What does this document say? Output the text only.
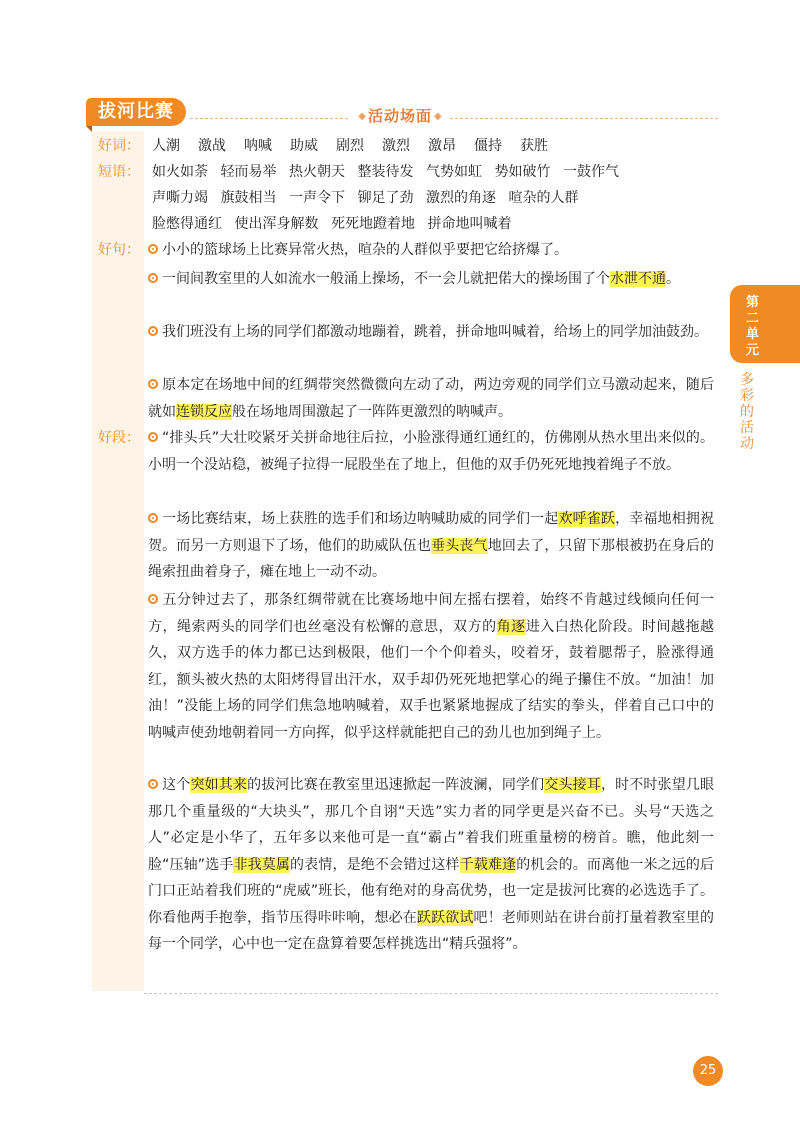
拔河比赛	◆ 活动场面 ◆
好词： 人潮 激战 呐喊 助威 剧烈 激烈 激昂 僵持 获胜
短语： 如火如荼 轻而易举 热火朝天 整装待发 气势如虹 势如破竹 一鼓作气
声嘶力竭 旗鼓相当 一声令下 铆足了劲 激烈的角逐 喧杂的人群
脸憋得通红 使出浑身解数 死死地蹬着地 拼命地叫喊着
好句：	小小的篮球场上比赛异常火热，喧杂的人群似乎要把它给挤爆了。
一间间教室里的人如流水一般涌上操场，不一会儿就把偌大的操场围了个水泄不通。
我们班没有上场的同学们都激动地蹦着，跳着，拼命地叫喊着，给场上的同学加油鼓劲。
原本定在场地中间的红绸带突然微微向左动了动，两边旁观的同学们立马激动起来，随后就如连锁反应般在场地周围激起了一阵阵更激烈的呐喊声。
好段：	“排头兵”大壮咬紧牙关拼命地往后拉，小脸涨得通红通红的，仿佛刚从热水里出来似的。小明一个没站稳，被绳子拉得一屁股坐在了地上，但他的双手仍死死地拽着绳子不放。
一场比赛结束，场上获胜的选手们和场边呐喊助威的同学们一起欢呼雀跃，幸福地相拥祝贺。而另一方则退下了场，他们的助威队伍也垂头丧气地回去了，只留下那根被扔在身后的绳索扭曲着身子，瘫在地上一动不动。
五分钟过去了，那条红绸带就在比赛场地中间左摇右摆着，始终不肯越过线倾向任何一方，绳索两头的同学们也丝毫没有松懈的意思，双方的角逐进入白热化阶段。时间越拖越久，双方选手的体力都已达到极限，他们一个个仰着头，咬着牙，鼓着腮帮子，脸涨得通红，额头被火热的太阳烤得冒出汗水，双手却仍死死地把掌心的绳子攥住不放。“加油！加油！”没能上场的同学们焦急地呐喊着，双手也紧紧地握成了结实的拳头，伴着自己口中的呐喊声使劲地朝着同一方向挥，似乎这样就能把自己的劲儿也加到绳子上。
这个突如其来的拔河比赛在教室里迅速掀起一阵波澜，同学们交头接耳，时不时张望几眼那几个重量级的“大块头”，那几个自诩“天选”实力者的同学更是兴奋不已。头号“天选之人”必定是小华了，五年多以来他可是一直“霸占”着我们班重量榜的榜首。瞧，他此刻一脸“压轴”选手非我莫属的表情，是绝不会错过这样千载难逢的机会的。而离他一米之远的后门口正站着我们班的“虎威”班长，他有绝对的身高优势，也一定是拔河比赛的必选选手了。你看他两手抱拳，指节压得咔咔响，想必在跃跃欲试吧！老师则站在讲台前打量着教室里的每一个同学，心中也一定在盘算着要怎样挑选出“精兵强将”。
第二单元
多彩的活动
25
